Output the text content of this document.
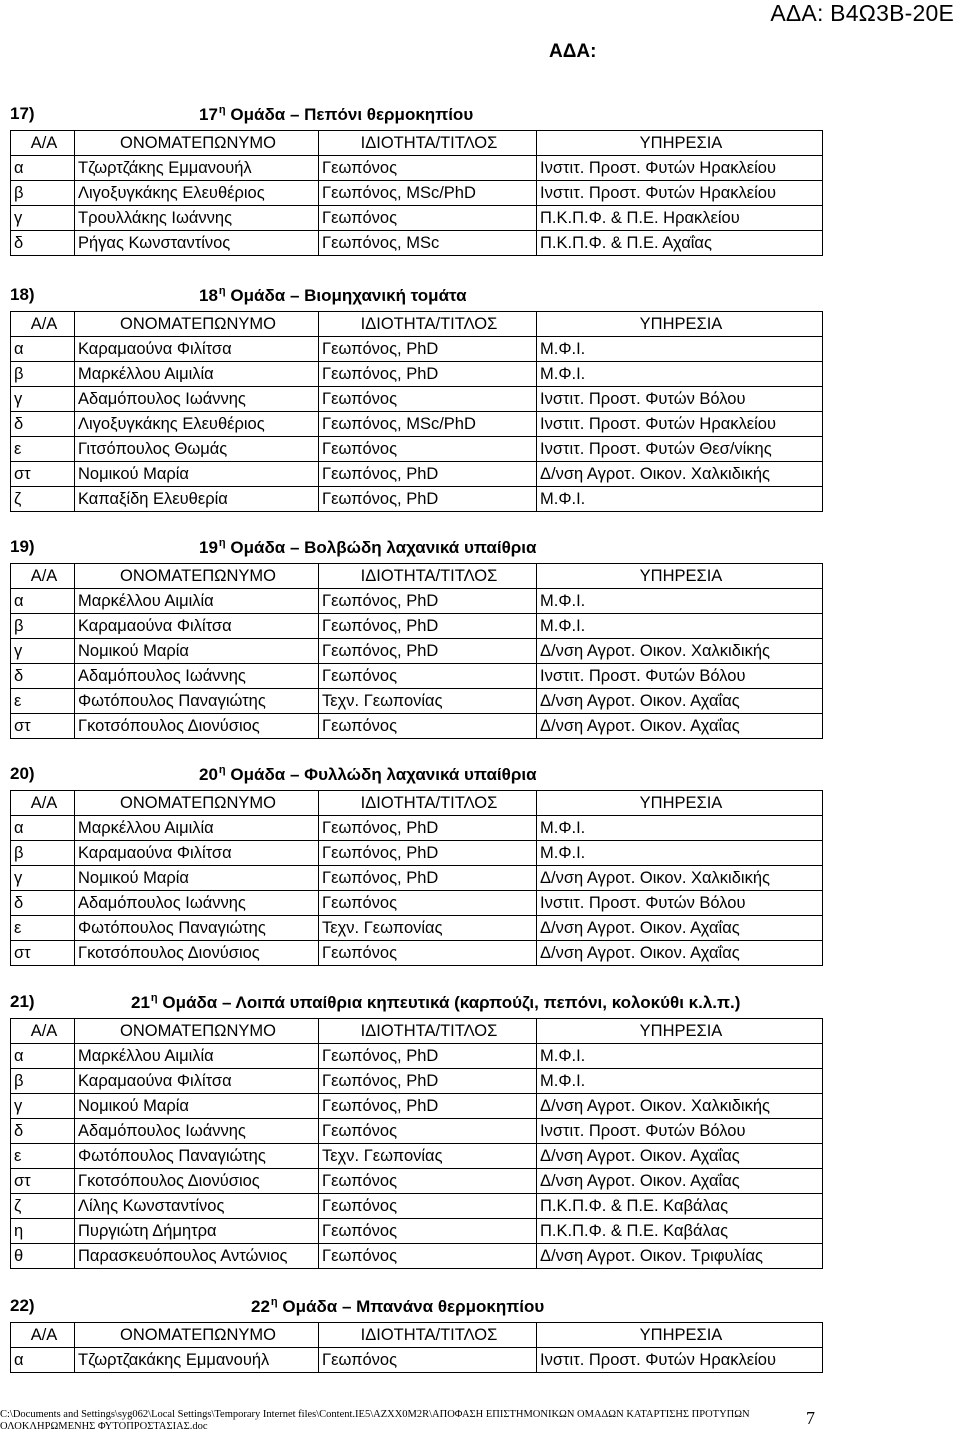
ΑΔΑ: Β4Ω3Β-20Ε
ΑΔΑ:
17)	$17^\eta$ Ομάδα – Πεπόνι θερμοκηπίου
Α/Α	ΟΝΟΜΑΤΕΠΩΝΥΜΟ	ΙΔΙΟΤΗΤΑ/ΤΙΤΛΟΣ	ΥΠΗΡΕΣΙΑ
α	Τζωρτζάκης Εμμανουήλ	Γεωπόνος	Ινστιτ. Προστ. Φυτών Ηρακλείου
β	Λιγοξυγκάκης Ελευθέριος	Γεωπόνος, MSc/PhD	Ινστιτ. Προστ. Φυτών Ηρακλείου
γ	Τρουλλάκης Ιωάννης	Γεωπόνος	Π.Κ.Π.Φ. & Π.Ε. Ηρακλείου
δ	Ρήγας Κωνσταντίνος	Γεωπόνος, MSc	Π.Κ.Π.Φ. & Π.Ε. Αχαΐας
18)	$18^\eta$ Ομάδα – Βιομηχανική τομάτα
Α/Α	ΟΝΟΜΑΤΕΠΩΝΥΜΟ	ΙΔΙΟΤΗΤΑ/ΤΙΤΛΟΣ	ΥΠΗΡΕΣΙΑ
α	Καραμαούνα Φιλίτσα	Γεωπόνος, PhD	Μ.Φ.Ι.
β	Μαρκέλλου Αιμιλία	Γεωπόνος, PhD	Μ.Φ.Ι.
γ	Αδαμόπουλος Ιωάννης	Γεωπόνος	Ινστιτ. Προστ. Φυτών Βόλου
δ	Λιγοξυγκάκης Ελευθέριος	Γεωπόνος, MSc/PhD	Ινστιτ. Προστ. Φυτών Ηρακλείου
ε	Γιτσόπουλος Θωμάς	Γεωπόνος	Ινστιτ. Προστ. Φυτών Θεσ/νίκης
στ	Νομικού Μαρία	Γεωπόνος, PhD	Δ/νση Αγροτ. Οικον. Χαλκιδικής
ζ	Καπαξίδη Ελευθερία	Γεωπόνος, PhD	Μ.Φ.Ι.
19)	$19^\eta$ Ομάδα – Βολβώδη λαχανικά υπαίθρια
Α/Α	ΟΝΟΜΑΤΕΠΩΝΥΜΟ	ΙΔΙΟΤΗΤΑ/ΤΙΤΛΟΣ	ΥΠΗΡΕΣΙΑ
α	Μαρκέλλου Αιμιλία	Γεωπόνος, PhD	Μ.Φ.Ι.
β	Καραμαούνα Φιλίτσα	Γεωπόνος, PhD	Μ.Φ.Ι.
γ	Νομικού Μαρία	Γεωπόνος, PhD	Δ/νση Αγροτ. Οικον. Χαλκιδικής
δ	Αδαμόπουλος Ιωάννης	Γεωπόνος	Ινστιτ. Προστ. Φυτών Βόλου
ε	Φωτόπουλος Παναγιώτης	Τεχν. Γεωπονίας	Δ/νση Αγροτ. Οικον. Αχαΐας
στ	Γκοτσόπουλος Διονύσιος	Γεωπόνος	Δ/νση Αγροτ. Οικον. Αχαΐας
20)	$20^\eta$ Ομάδα – Φυλλώδη λαχανικά υπαίθρια
Α/Α	ΟΝΟΜΑΤΕΠΩΝΥΜΟ	ΙΔΙΟΤΗΤΑ/ΤΙΤΛΟΣ	ΥΠΗΡΕΣΙΑ
α	Μαρκέλλου Αιμιλία	Γεωπόνος, PhD	Μ.Φ.Ι.
β	Καραμαούνα Φιλίτσα	Γεωπόνος, PhD	Μ.Φ.Ι.
γ	Νομικού Μαρία	Γεωπόνος, PhD	Δ/νση Αγροτ. Οικον. Χαλκιδικής
δ	Αδαμόπουλος Ιωάννης	Γεωπόνος	Ινστιτ. Προστ. Φυτών Βόλου
ε	Φωτόπουλος Παναγιώτης	Τεχν. Γεωπονίας	Δ/νση Αγροτ. Οικον. Αχαΐας
στ	Γκοτσόπουλος Διονύσιος	Γεωπόνος	Δ/νση Αγροτ. Οικον. Αχαΐας
21)	$21^\eta$ Ομάδα – Λοιπά υπαίθρια κηπευτικά (καρπούζι, πεπόνι, κολοκύθι κ.λ.π.)
Α/Α	ΟΝΟΜΑΤΕΠΩΝΥΜΟ	ΙΔΙΟΤΗΤΑ/ΤΙΤΛΟΣ	ΥΠΗΡΕΣΙΑ
α	Μαρκέλλου Αιμιλία	Γεωπόνος, PhD	Μ.Φ.Ι.
β	Καραμαούνα Φιλίτσα	Γεωπόνος, PhD	Μ.Φ.Ι.
γ	Νομικού Μαρία	Γεωπόνος, PhD	Δ/νση Αγροτ. Οικον. Χαλκιδικής
δ	Αδαμόπουλος Ιωάννης	Γεωπόνος	Ινστιτ. Προστ. Φυτών Βόλου
ε	Φωτόπουλος Παναγιώτης	Τεχν. Γεωπονίας	Δ/νση Αγροτ. Οικον. Αχαΐας
στ	Γκοτσόπουλος Διονύσιος	Γεωπόνος	Δ/νση Αγροτ. Οικον. Αχαΐας
ζ	Λίλης Κωνσταντίνος	Γεωπόνος	Π.Κ.Π.Φ. & Π.Ε. Καβάλας
η	Πυργιώτη Δήμητρα	Γεωπόνος	Π.Κ.Π.Φ. & Π.Ε. Καβάλας
θ	Παρασκευόπουλος Αντώνιος	Γεωπόνος	Δ/νση Αγροτ. Οικον. Τριφυλίας
22)	$22^\eta$ Ομάδα – Μπανάνα θερμοκηπίου
Α/Α	ΟΝΟΜΑΤΕΠΩΝΥΜΟ	ΙΔΙΟΤΗΤΑ/ΤΙΤΛΟΣ	ΥΠΗΡΕΣΙΑ
α	Τζωρτζακάκης Εμμανουήλ	Γεωπόνος	Ινστιτ. Προστ. Φυτών Ηρακλείου
C:\Documents and Settings\syg062\Local Settings\Temporary Internet files\Content.IE5\AZXX0M2R\ΑΠΟΦΑΣΗ ΕΠΙΣΤΗΜΟΝΙΚΩΝ ΟΜΑΔΩΝ ΚΑΤΑΡΤΙΣΗΣ ΠΡΟΤΥΠΩΝ ΟΛΟΚΛΗΡΩΜΕΝΗΣ ΦΥΤΟΠΡΟΣΤΑΣΙΑΣ.doc	7
